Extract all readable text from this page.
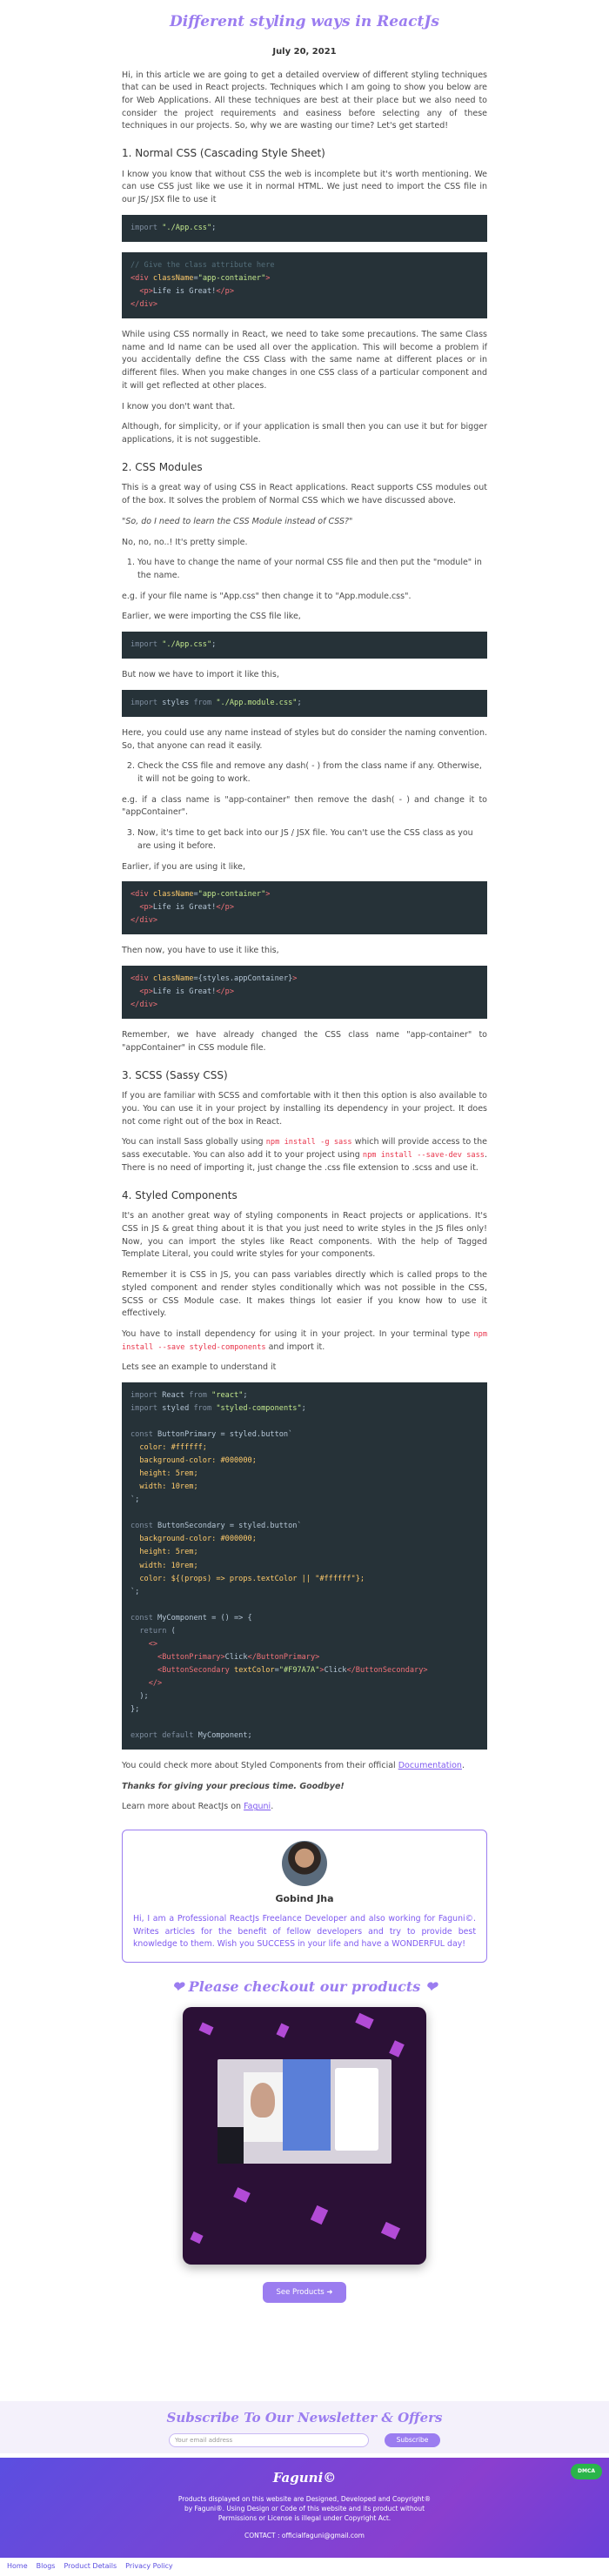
Different styling ways in ReactJs
July 20, 2021

Hi, in this article we are going to get a detailed overview of different styling techniques that can be used in React projects. Techniques which I am going to show you below are for Web Applications. All these techniques are best at their place but we also need to consider the project requirements and easiness before selecting any of these techniques in our projects. So, why we are wasting our time? Let's get started!

1. Normal CSS (Cascading Style Sheet)

I know you know that without CSS the web is incomplete but it's worth mentioning. We can use CSS just like we use it in normal HTML. We just need to import the CSS file in our JS/ JSX file to use it

import "./App.css";
// Give the class attribute here
<div className="app-container">
<p>Life is Great!</p>
</div>

While using CSS normally in React, we need to take some precautions. The same Class name and Id name can be used all over the application. This will become a problem if you accidentally define the CSS Class with the same name at different places or in different files. When you make changes in one CSS class of a particular component and it will get reflected at other places.

I know you don't want that.

Although, for simplicity, or if your application is small then you can use it but for bigger applications, it is not suggestible.

2. CSS Modules

This is a great way of using CSS in React applications. React supports CSS modules out of the box. It solves the problem of Normal CSS which we have discussed above.

"So, do I need to learn the CSS Module instead of CSS?"

No, no, no..! It's pretty simple.

1. You have to change the name of your normal CSS file and then put the "module" in the name.

e.g. if your file name is "App.css" then change it to "App.module.css".

Earlier, we were importing the CSS file like,

import "./App.css";

But now we have to import it like this,

import styles from "./App.module.css";

Here, you could use any name instead of styles but do consider the naming convention. So, that anyone can read it easily.

2. Check the CSS file and remove any dash( - ) from the class name if any. Otherwise, it will not be going to work.

e.g. if a class name is "app-container" then remove the dash( - ) and change it to "appContainer".

3. Now, it's time to get back into our JS / JSX file. You can't use the CSS class as you are using it before.

Earlier, if you are using it like,

<div className="app-container">
<p>Life is Great!</p>
</div>

Then now, you have to use it like this,

<div className={styles.appContainer}>
<p>Life is Great!</p>
</div>

Remember, we have already changed the CSS class name "app-container" to "appContainer" in CSS module file.

3. SCSS (Sassy CSS)

If you are familiar with SCSS and comfortable with it then this option is also available to you. You can use it in your project by installing its dependency in your project. It does not come right out of the box in React.

You can install Sass globally using npm install -g sass which will provide access to the sass executable. You can also add it to your project using npm install --save-dev sass. There is no need of importing it, just change the .css file extension to .scss and use it.

4. Styled Components

It's an another great way of styling components in React projects or applications. It's CSS in JS & great thing about it is that you just need to write styles in the JS files only! Now, you can import the styles like React components. With the help of Tagged Template Literal, you could write styles for your components.

Remember it is CSS in JS, you can pass variables directly which is called props to the styled component and render styles conditionally which was not possible in the CSS, SCSS or CSS Module case. It makes things lot easier if you know how to use it effectively.

You have to install dependency for using it in your project. In your terminal type npm install --save styled-components and import it.

Lets see an example to understand it

import React from "react";
import styled from "styled-components";

const ButtonPrimary = styled.button`
color: #ffffff;
background-color: #000000;
height: 5rem;
width: 10rem;
`;

const ButtonSecondary = styled.button`
background-color: #000000;
height: 5rem;
width: 10rem;
color: ${(props) => props.textColor || "#ffffff"};
`;

const MyComponent = () => {
return (
<>
<ButtonPrimary>Click</ButtonPrimary>
<ButtonSecondary textColor="#F97A7A">Click</ButtonSecondary>
</>
);
};

export default MyComponent;

You could check more about Styled Components from their official Documentation.

Thanks for giving your precious time. Goodbye!

Learn more about ReactJs on Faguni.

Gobind Jha
Hi, I am a Professional ReactJs Freelance Developer and also working for Faguni©. Writes articles for the benefit of fellow developers and try to provide best knowledge to them. Wish you SUCCESS in your life and have a WONDERFUL day!
❤ Please checkout our products ❤
See Products ➜
Subscribe To Our Newsletter & Offers
Your email address	Subscribe
DMCA
Faguni©
Products displayed on this website are Designed, Developed and Copyright® by Faguni®. Using Design or Code of this website and its product without Permissions or License is illegal under Copyright Act.
CONTACT : officialfaguni@gmail.com
Home Blogs Product Details Privacy Policy
